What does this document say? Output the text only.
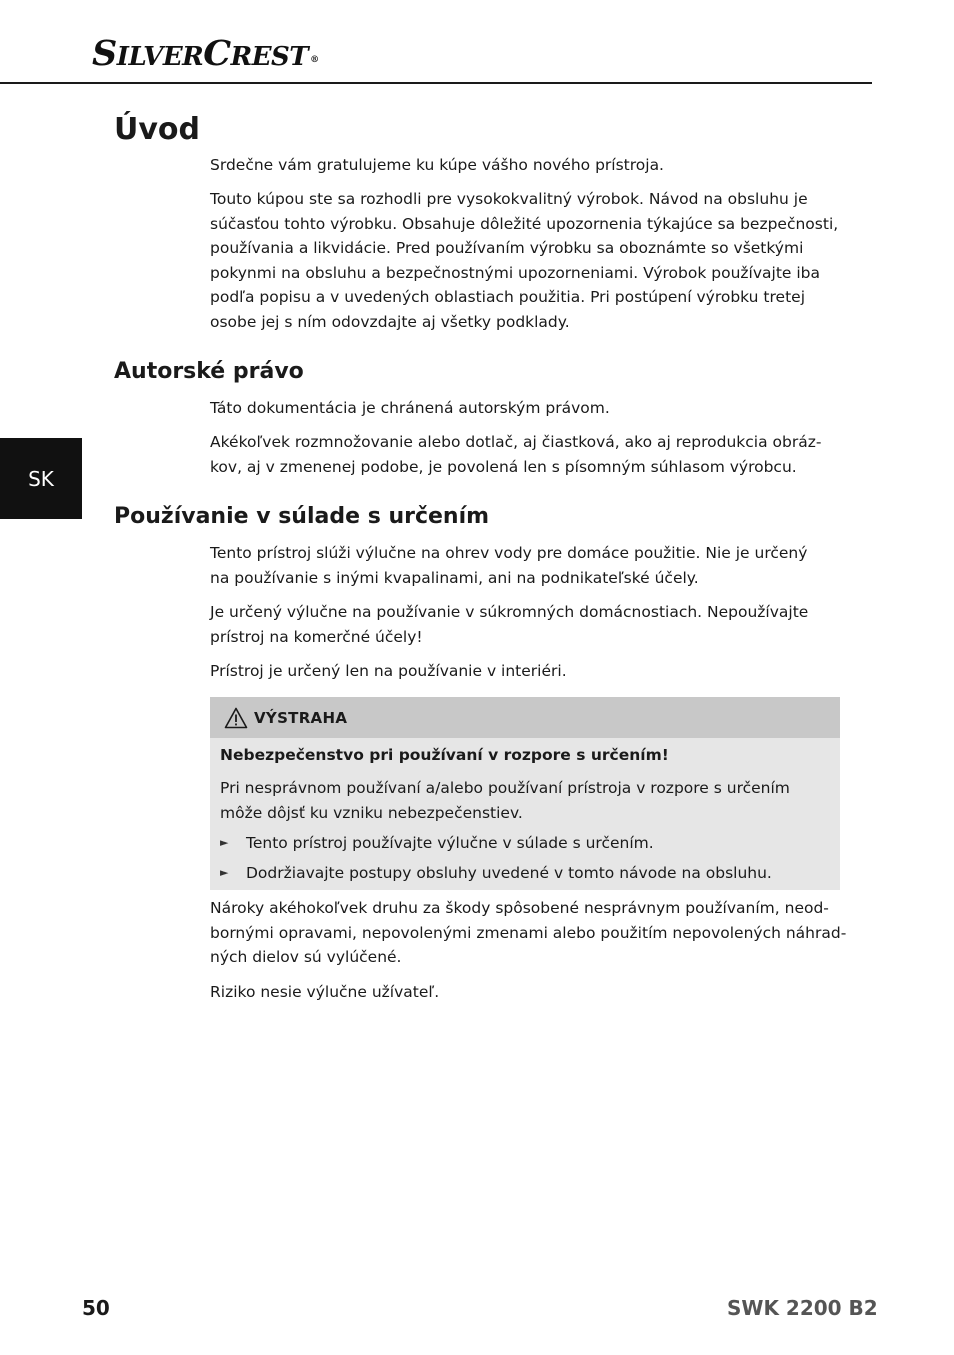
SILVERCREST ®
SK
Úvod

Srdečne vám gratulujeme ku kúpe vášho nového prístroja.

Touto kúpou ste sa rozhodli pre vysokokvalitný výrobok. Návod na obsluhu je
súčasťou tohto výrobku. Obsahuje dôležité upozornenia týkajúce sa bezpečnosti,
používania a likvidácie. Pred používaním výrobku sa oboznámte so všetkými
pokynmi na obsluhu a bezpečnostnými upozorneniami. Výrobok používajte iba
podľa popisu a v uvedených oblastiach použitia. Pri postúpení výrobku tretej
osobe jej s ním odovzdajte aj všetky podklady.

Autorské právo

Táto dokumentácia je chránená autorským právom.

Akékoľvek rozmnožovanie alebo dotlač, aj čiastková, ako aj reprodukcia obráz-
kov, aj v zmenenej podobe, je povolená len s písomným súhlasom výrobcu.

Používanie v súlade s určením

Tento prístroj slúži výlučne na ohrev vody pre domáce použitie. Nie je určený
na používanie s inými kvapalinami, ani na podnikateľské účely.

Je určený výlučne na používanie v súkromných domácnostiach. Nepoužívajte
prístroj na komerčné účely!

Prístroj je určený len na používanie v interiéri.

VÝSTRAHA
Nebezpečenstvo pri používaní v rozpore s určením!
Pri nesprávnom používaní a/alebo používaní prístroja v rozpore s určením
môže dôjsť ku vzniku nebezpečenstiev.
►	Tento prístroj používajte výlučne v súlade s určením.
►	Dodržiavajte postupy obsluhy uvedené v tomto návode na obsluhu.

Nároky akéhokoľvek druhu za škody spôsobené nesprávnym používaním, neod-
bornými opravami, nepovolenými zmenami alebo použitím nepovolených náhrad-
ných dielov sú vylúčené.

Riziko nesie výlučne užívateľ.

50	SWK 2200 B2
